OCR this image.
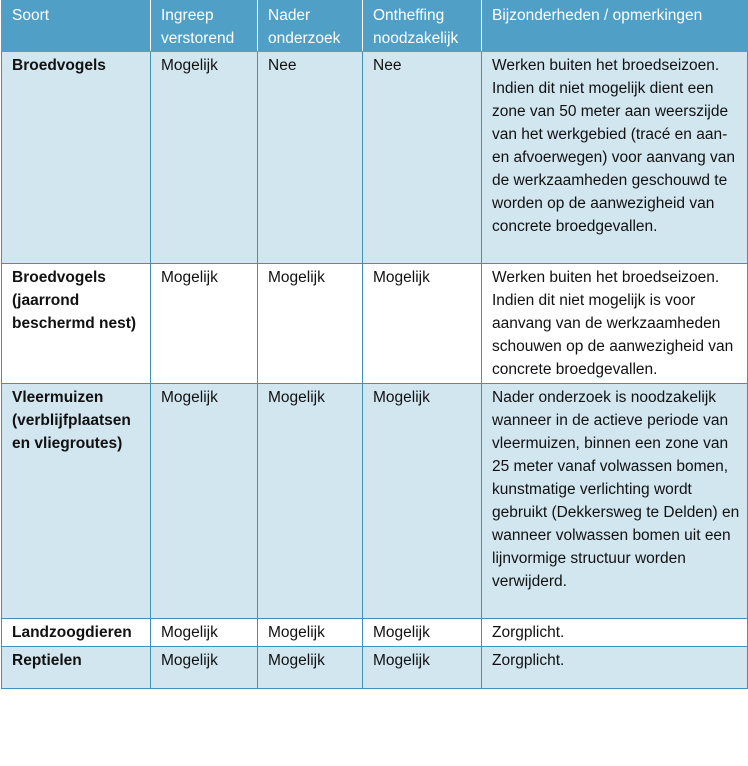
Soort	Ingreep verstorend	Nader onderzoek	Ontheffing noodzakelijk	Bijzonderheden / opmerkingen
Broedvogels	Mogelijk	Nee	Nee	Werken buiten het broedseizoen. Indien dit niet mogelijk dient een zone van 50 meter aan weerszijde van het werkgebied (tracé en aan- en afvoerwegen) voor aanvang van de werkzaamheden geschouwd te worden op de aanwezigheid van concrete broedgevallen.
Broedvogels (jaarrond beschermd nest)	Mogelijk	Mogelijk	Mogelijk	Werken buiten het broedseizoen. Indien dit niet mogelijk is voor aanvang van de werkzaamheden schouwen op de aanwezigheid van concrete broedgevallen.
Vleermuizen (verblijfplaatsen en vliegroutes)	Mogelijk	Mogelijk	Mogelijk	Nader onderzoek is noodzakelijk wanneer in de actieve periode van vleermuizen, binnen een zone van 25 meter vanaf volwassen bomen, kunstmatige verlichting wordt gebruikt (Dekkersweg te Delden) en wanneer volwassen bomen uit een lijnvormige structuur worden verwijderd.
Landzoogdieren	Mogelijk	Mogelijk	Mogelijk	Zorgplicht.
Reptielen	Mogelijk	Mogelijk	Mogelijk	Zorgplicht.
